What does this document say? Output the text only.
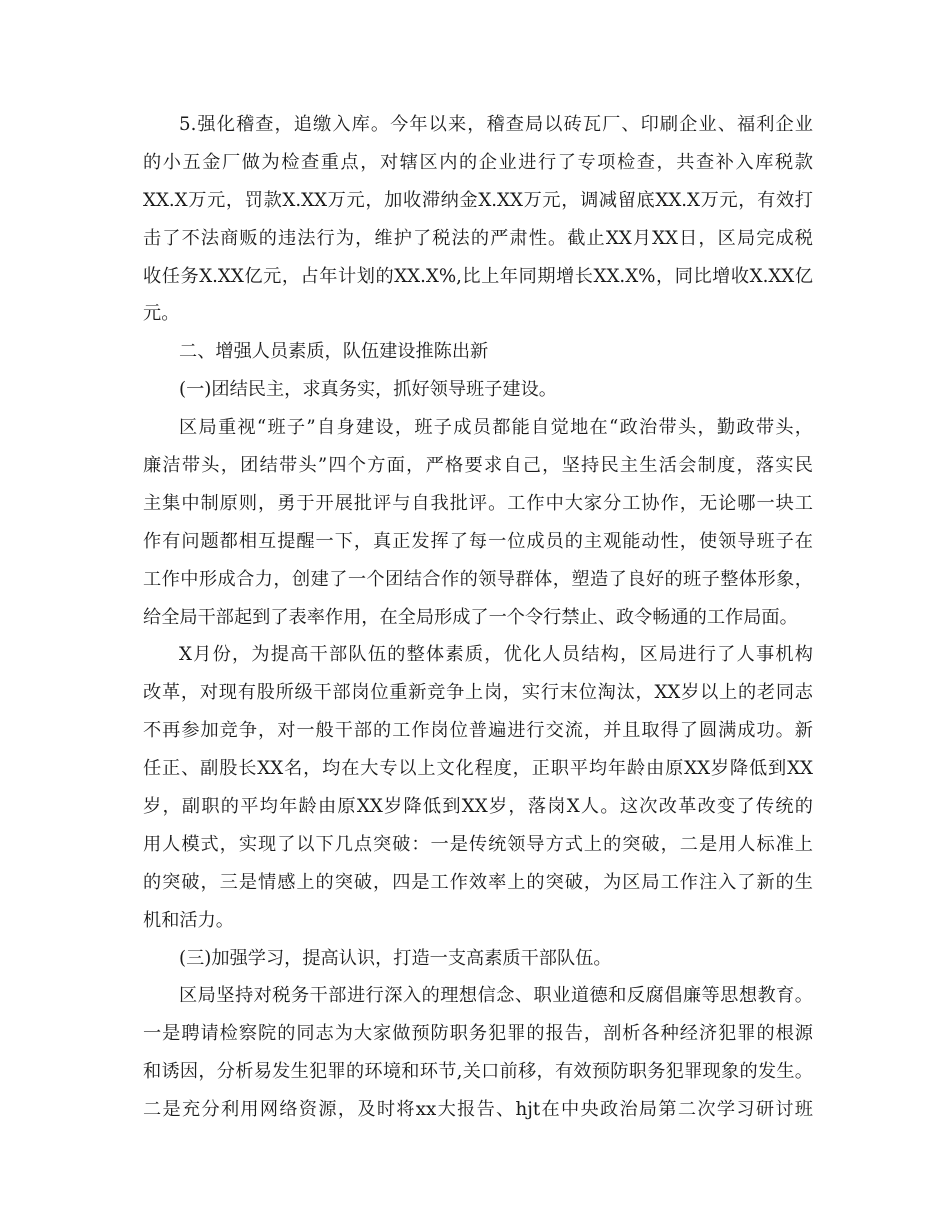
5.强化稽查，追缴入库。今年以来，稽查局以砖瓦厂、印刷企业、福利企业
的小五金厂做为检查重点，对辖区内的企业进行了专项检查，共查补入库税款
XX.X万元，罚款X.XX万元，加收滞纳金X.XX万元，调减留底XX.X万元，有效打
击了不法商贩的违法行为，维护了税法的严肃性。截止XX月XX日，区局完成税
收任务X.XX亿元，占年计划的XX.X%,比上年同期增长XX.X%，同比增收X.XX亿
元。
二、增强人员素质，队伍建设推陈出新
(一)团结民主，求真务实，抓好领导班子建设。
区局重视“班子”自身建设，班子成员都能自觉地在“政治带头，勤政带头，
廉洁带头，团结带头”四个方面，严格要求自己，坚持民主生活会制度，落实民
主集中制原则，勇于开展批评与自我批评。工作中大家分工协作，无论哪一块工
作有问题都相互提醒一下，真正发挥了每一位成员的主观能动性，使领导班子在
工作中形成合力，创建了一个团结合作的领导群体，塑造了良好的班子整体形象，
给全局干部起到了表率作用，在全局形成了一个令行禁止、政令畅通的工作局面。
X月份，为提高干部队伍的整体素质，优化人员结构，区局进行了人事机构
改革，对现有股所级干部岗位重新竞争上岗，实行末位淘汰，XX岁以上的老同志
不再参加竞争，对一般干部的工作岗位普遍进行交流，并且取得了圆满成功。新
任正、副股长XX名，均在大专以上文化程度，正职平均年龄由原XX岁降低到XX
岁，副职的平均年龄由原XX岁降低到XX岁，落岗X人。这次改革改变了传统的
用人模式，实现了以下几点突破：一是传统领导方式上的突破，二是用人标准上
的突破，三是情感上的突破，四是工作效率上的突破，为区局工作注入了新的生
机和活力。
(三)加强学习，提高认识，打造一支高素质干部队伍。
区局坚持对税务干部进行深入的理想信念、职业道德和反腐倡廉等思想教育。
一是聘请检察院的同志为大家做预防职务犯罪的报告，剖析各种经济犯罪的根源
和诱因，分析易发生犯罪的环境和环节,关口前移，有效预防职务犯罪现象的发生。
二是充分利用网络资源，及时将xx大报告、hjt在中央政治局第二次学习研讨班
